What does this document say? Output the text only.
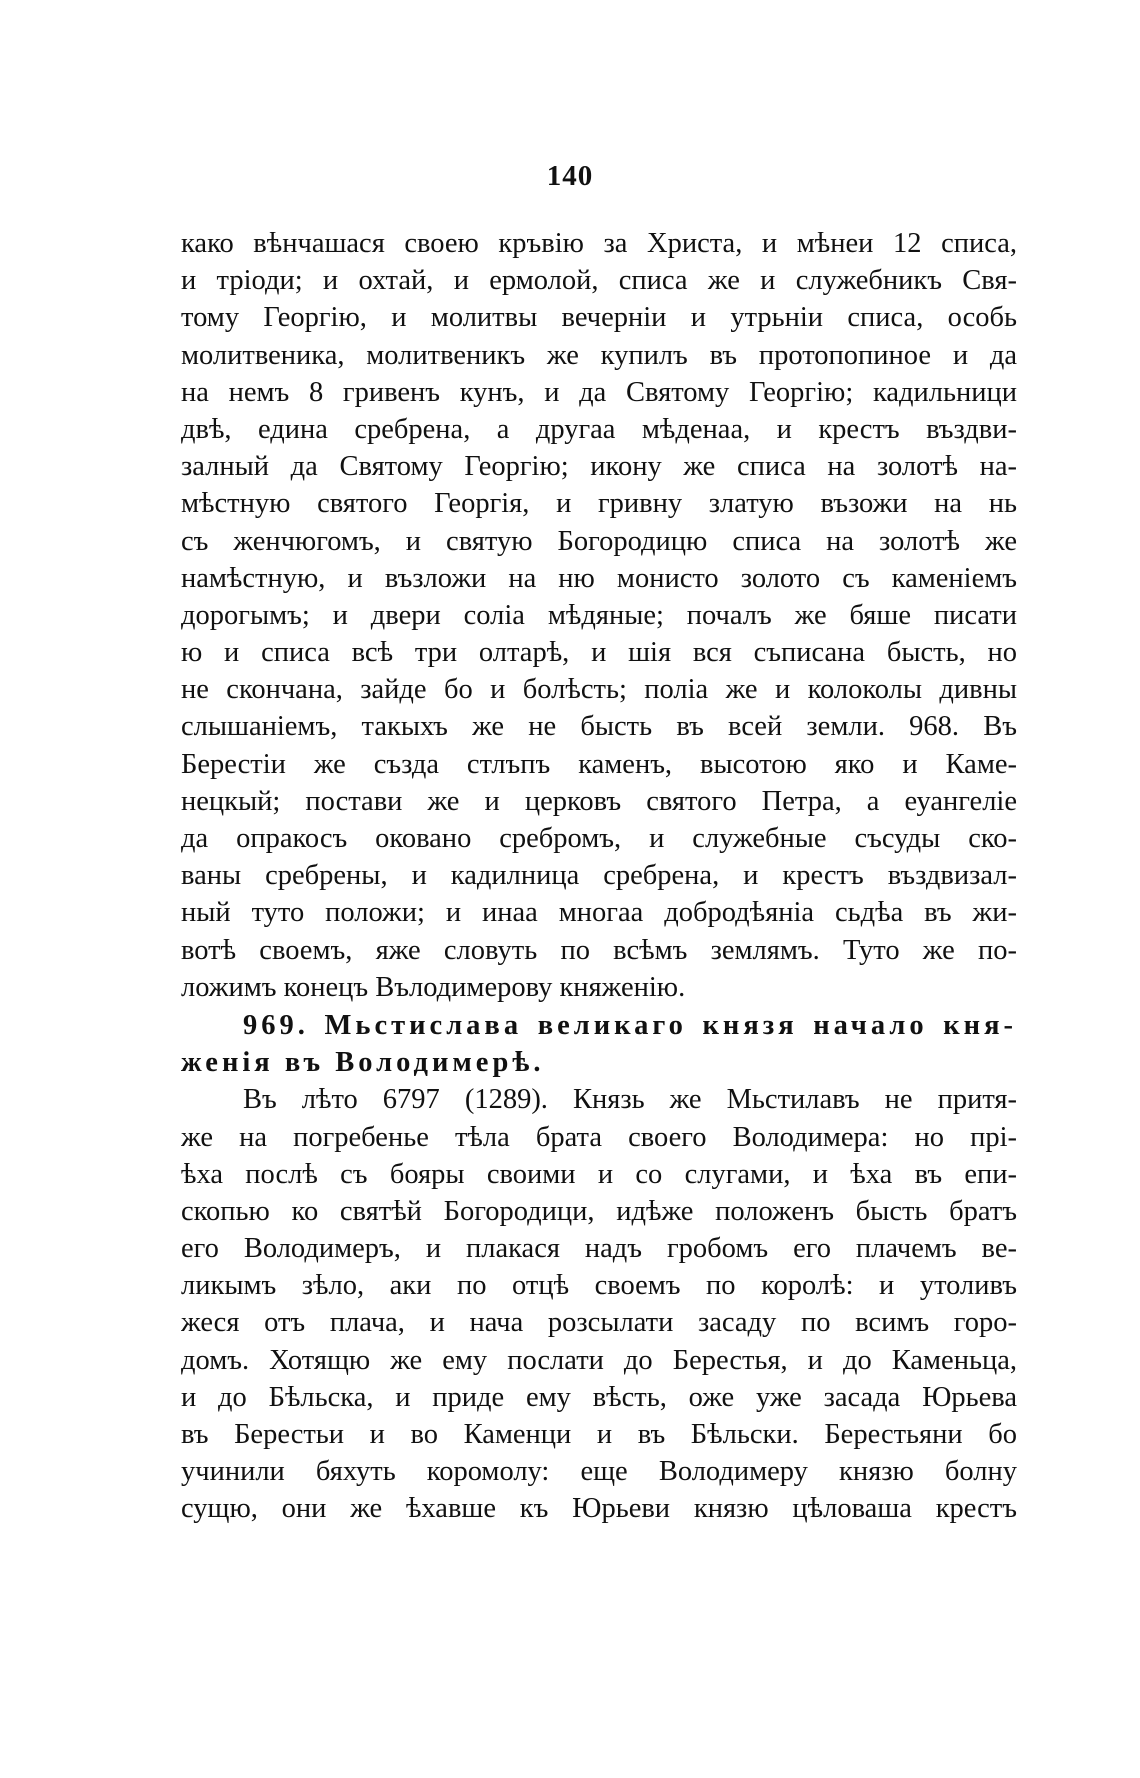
140
како вѣнчашася своею кръвію за Христа, и мѣнеи 12 списа,
и тріоди; и охтай, и ермолой, списа же и служебникъ Свя-
тому Георгію, и молитвы вечерніи и утрьніи списа, особь
молитвеника, молитвеникъ же купилъ въ протопопиное и да
на немъ 8 гривенъ кунъ, и да Святому Георгію; кадильници
двѣ, едина сребрена, а другаа мѣденаа, и крестъ въздви-
залный да Святому Георгію; икону же списа на золотѣ на-
мѣстную святого Георгія, и гривну златую възожи на нь
съ женчюгомъ, и святую Богородицю списа на золотѣ же
намѣстную, и възложи на ню монисто золото съ каменіемъ
дорогымъ; и двери соліа мѣдяные; почалъ же бяше писати
ю и списа всѣ три олтарѣ, и шія вся съписана бысть, но
не скончана, зайде бо и болѣсть; поліа же и колоколы дивны
слышаніемъ, такыхъ же не бысть въ всей земли. 968. Въ
Берестіи же създа стлъпъ каменъ, высотою яко и Каме-
нецкый; постави же и церковъ святого Петра, а еуангеліе
да опракосъ оковано сребромъ, и служебные съсуды ско-
ваны сребрены, и кадилница сребрена, и крестъ въздвизал-
ный туто положи; и инаа многаа добродѣяніа сьдѣа въ жи-
вотѣ своемъ, яже словуть по всѣмъ землямъ. Туто же по-
ложимъ конецъ Вълодимерову княженію.
969. Мьстислава великаго князя начало кня-
женія въ Володимерѣ.
Въ лѣто 6797 (1289). Князь же Мьстилавъ не притя-
же на погребенье тѣла брата своего Володимера: но прі-
ѣха послѣ съ бояры своими и со слугами, и ѣха въ епи-
скопью ко святѣй Богородици, идѣже положенъ бысть братъ
его Володимеръ, и плакася надъ гробомъ его плачемъ ве-
ликымъ зѣло, аки по отцѣ своемъ по королѣ: и утоливъ
жеся отъ плача, и нача розсылати засаду по всимъ горо-
домъ. Хотящю же ему послати до Берестья, и до Каменьца,
и до Бѣльска, и приде ему вѣсть, оже уже засада Юрьева
въ Берестьи и во Каменци и въ Бѣльски. Берестьяни бо
учинили бяхуть коромолу: еще Володимеру князю болну
сущю, они же ѣхавше къ Юрьеви князю цѣловаша крестъ
